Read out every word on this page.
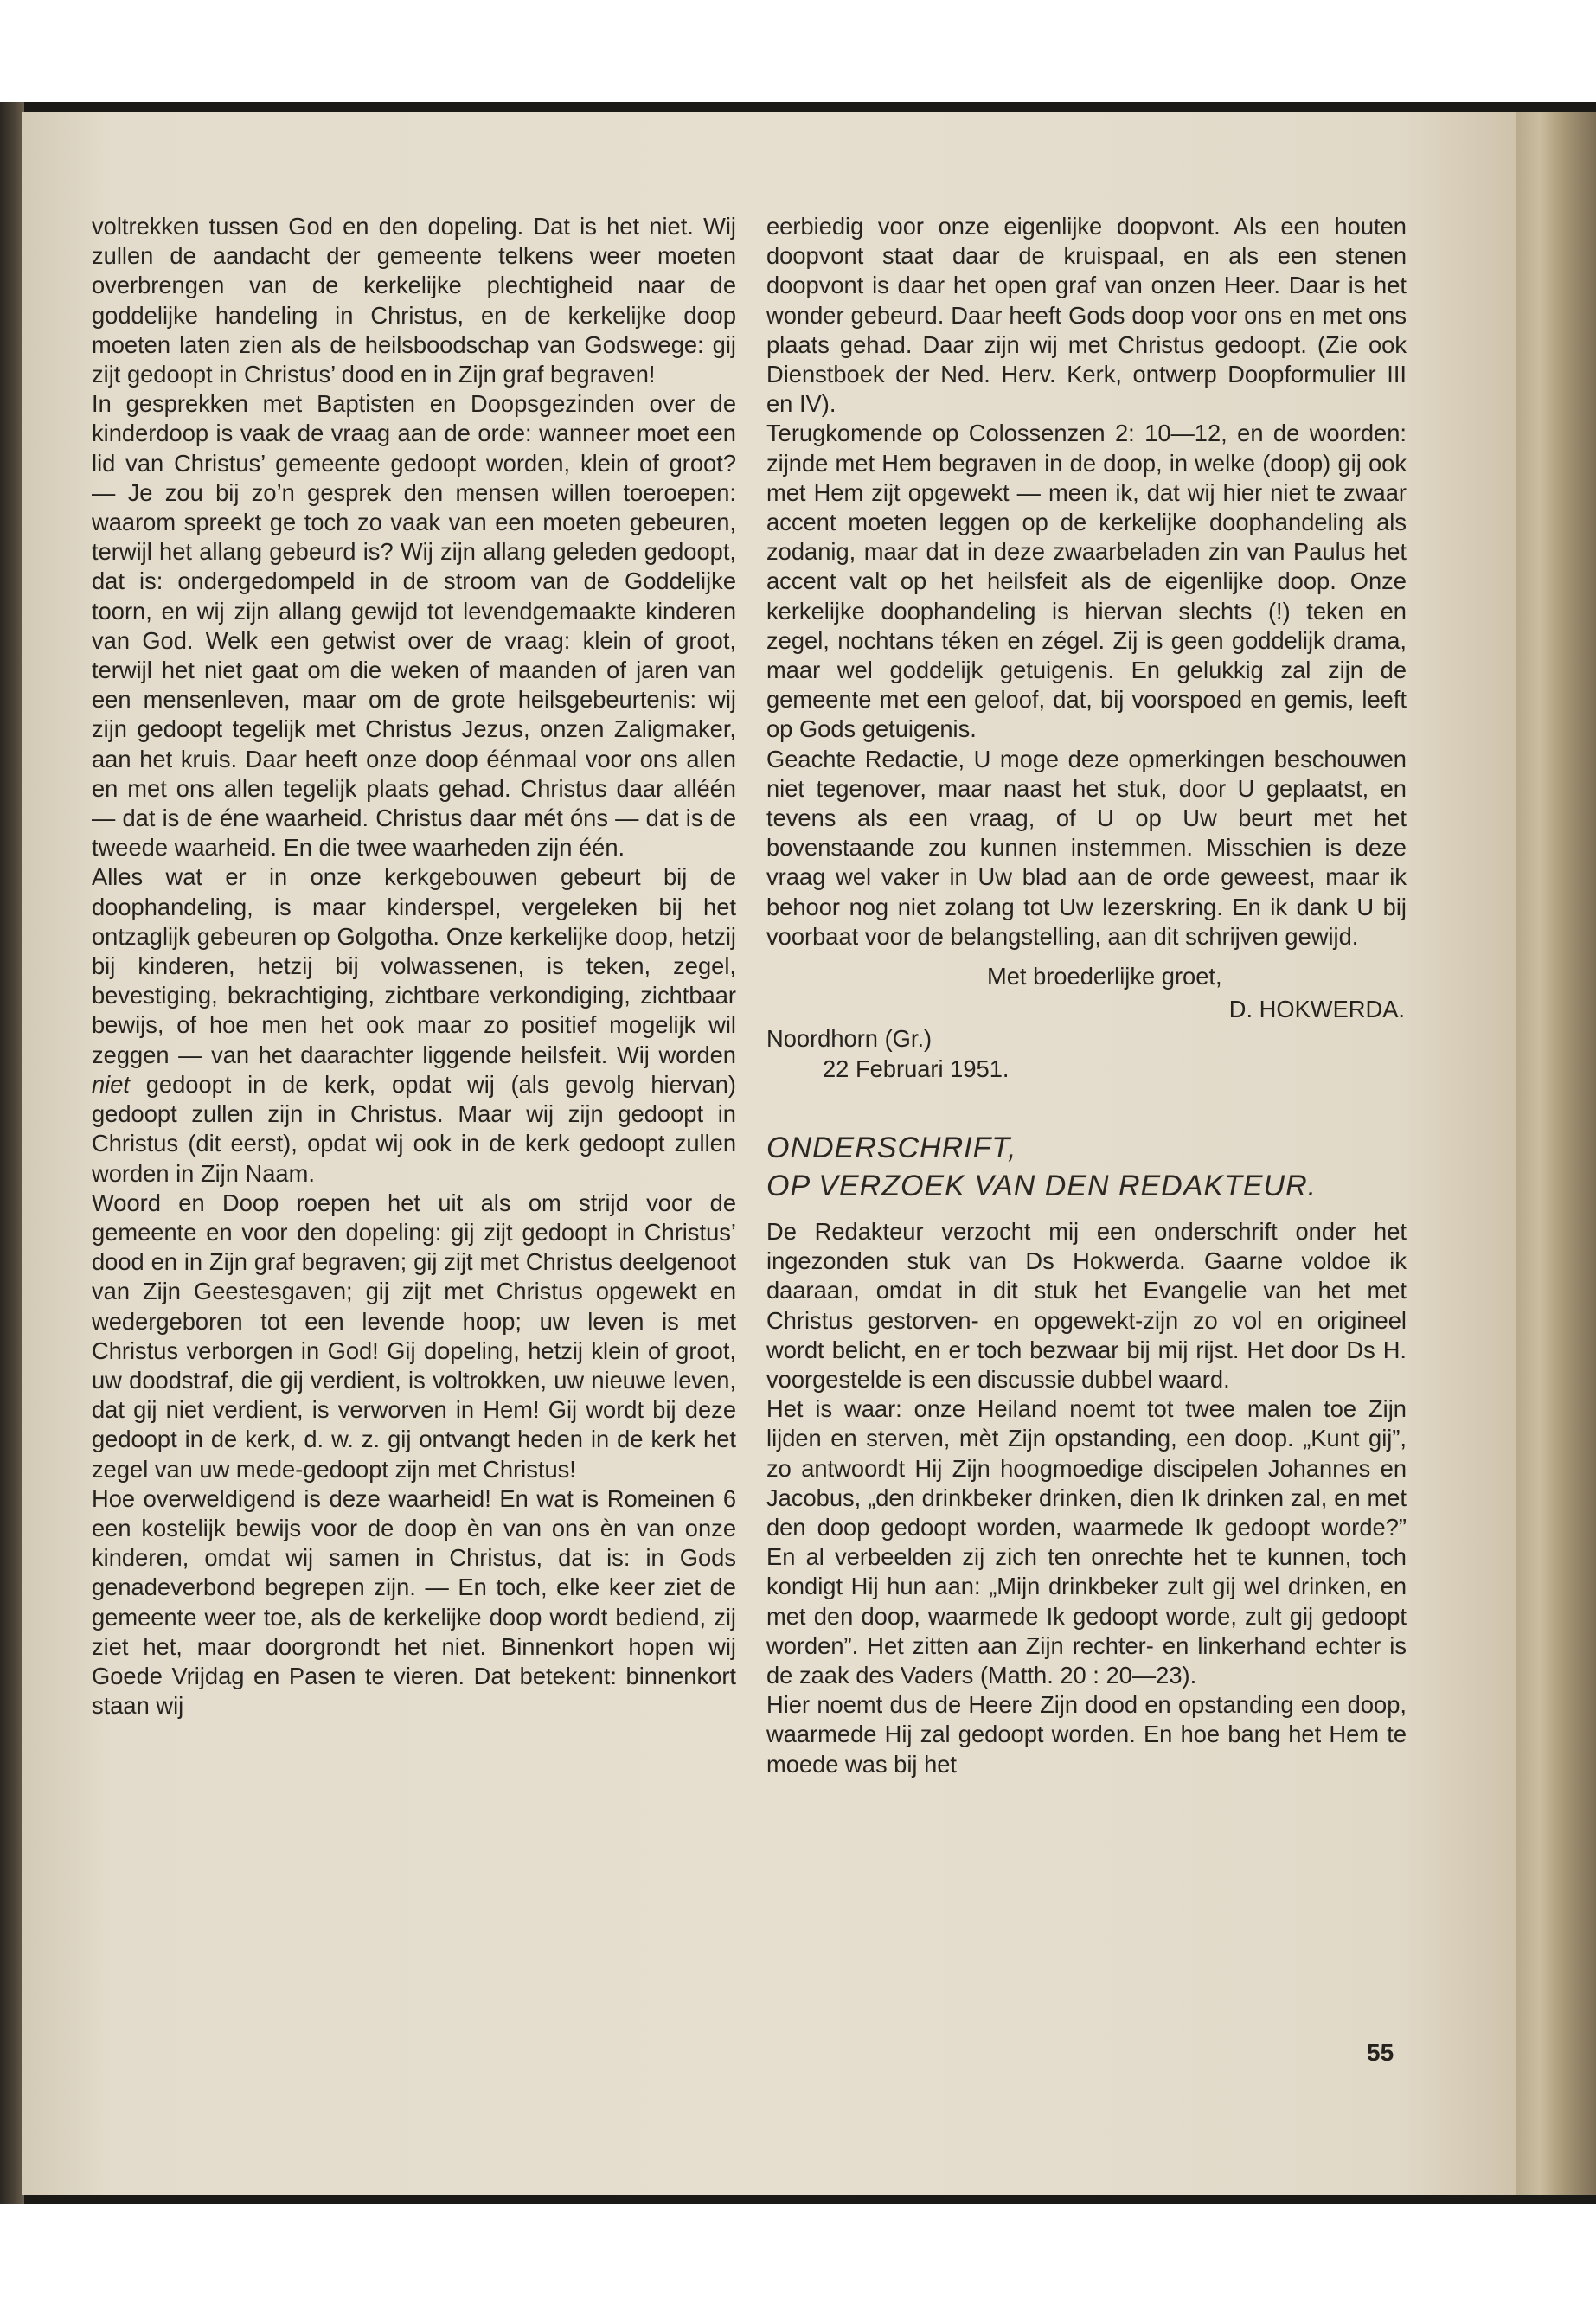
voltrekken tussen God en den dopeling. Dat is het niet. Wij zullen de aandacht der gemeente telkens weer moeten overbrengen van de kerkelijke plechtigheid naar de goddelijke handeling in Christus, en de kerkelijke doop moeten laten zien als de heilsboodschap van Godswege: gij zijt gedoopt in Christus’ dood en in Zijn graf begraven!

In gesprekken met Baptisten en Doopsgezinden over de kinderdoop is vaak de vraag aan de orde: wanneer moet een lid van Christus’ gemeente gedoopt worden, klein of groot? — Je zou bij zo’n gesprek den mensen willen toeroepen: waarom spreekt ge toch zo vaak van een moeten gebeuren, terwijl het allang gebeurd is? Wij zijn allang geleden gedoopt, dat is: ondergedompeld in de stroom van de Goddelijke toorn, en wij zijn allang gewijd tot levendgemaakte kinderen van God. Welk een getwist over de vraag: klein of groot, terwijl het niet gaat om die weken of maanden of jaren van een mensenleven, maar om de grote heilsgebeurtenis: wij zijn gedoopt tegelijk met Christus Jezus, onzen Zaligmaker, aan het kruis. Daar heeft onze doop éénmaal voor ons allen en met ons allen tegelijk plaats gehad. Christus daar alléén — dat is de éne waarheid. Christus daar mét óns — dat is de tweede waarheid. En die twee waarheden zijn één.

Alles wat er in onze kerkgebouwen gebeurt bij de doophandeling, is maar kinderspel, vergeleken bij het ontzaglijk gebeuren op Golgotha. Onze kerkelijke doop, hetzij bij kinderen, hetzij bij volwassenen, is teken, zegel, bevestiging, bekrachtiging, zichtbare verkondiging, zichtbaar bewijs, of hoe men het ook maar zo positief mogelijk wil zeggen — van het daarachter liggende heilsfeit. Wij worden niet gedoopt in de kerk, opdat wij (als gevolg hiervan) gedoopt zullen zijn in Christus. Maar wij zijn gedoopt in Christus (dit eerst), opdat wij ook in de kerk gedoopt zullen worden in Zijn Naam.

Woord en Doop roepen het uit als om strijd voor de gemeente en voor den dopeling: gij zijt gedoopt in Christus’ dood en in Zijn graf begraven; gij zijt met Christus deelgenoot van Zijn Geestesgaven; gij zijt met Christus opgewekt en wedergeboren tot een levende hoop; uw leven is met Christus verborgen in God! Gij dopeling, hetzij klein of groot, uw doodstraf, die gij verdient, is voltrokken, uw nieuwe leven, dat gij niet verdient, is verworven in Hem! Gij wordt bij deze gedoopt in de kerk, d. w. z. gij ontvangt heden in de kerk het zegel van uw mede-gedoopt zijn met Christus!

Hoe overweldigend is deze waarheid! En wat is Romeinen 6 een kostelijk bewijs voor de doop èn van ons èn van onze kinderen, omdat wij samen in Christus, dat is: in Gods genadeverbond begrepen zijn. — En toch, elke keer ziet de gemeente weer toe, als de kerkelijke doop wordt bediend, zij ziet het, maar doorgrondt het niet. Binnenkort hopen wij Goede Vrijdag en Pasen te vieren. Dat betekent: binnenkort staan wij

eerbiedig voor onze eigenlijke doopvont. Als een houten doopvont staat daar de kruispaal, en als een stenen doopvont is daar het open graf van onzen Heer. Daar is het wonder gebeurd. Daar heeft Gods doop voor ons en met ons plaats gehad. Daar zijn wij met Christus gedoopt. (Zie ook Dienstboek der Ned. Herv. Kerk, ontwerp Doopformulier III en IV).

Terugkomende op Colossenzen 2: 10—12, en de woorden: zijnde met Hem begraven in de doop, in welke (doop) gij ook met Hem zijt opgewekt — meen ik, dat wij hier niet te zwaar accent moeten leggen op de kerkelijke doophandeling als zodanig, maar dat in deze zwaarbeladen zin van Paulus het accent valt op het heilsfeit als de eigenlijke doop. Onze kerkelijke doophandeling is hiervan slechts (!) teken en zegel, nochtans téken en zégel. Zij is geen goddelijk drama, maar wel goddelijk getuigenis. En gelukkig zal zijn de gemeente met een geloof, dat, bij voorspoed en gemis, leeft op Gods getuigenis.

Geachte Redactie, U moge deze opmerkingen beschouwen niet tegenover, maar naast het stuk, door U geplaatst, en tevens als een vraag, of U op Uw beurt met het bovenstaande zou kunnen instemmen. Misschien is deze vraag wel vaker in Uw blad aan de orde geweest, maar ik behoor nog niet zolang tot Uw lezerskring. En ik dank U bij voorbaat voor de belangstelling, aan dit schrijven gewijd.

Met broederlijke groet,

D. HOKWERDA.

Noordhorn (Gr.)

22 Februari 1951.

ONDERSCHRIFT,

OP VERZOEK VAN DEN REDAKTEUR.

De Redakteur verzocht mij een onderschrift onder het ingezonden stuk van Ds Hokwerda. Gaarne voldoe ik daaraan, omdat in dit stuk het Evangelie van het met Christus gestorven- en opgewekt-zijn zo vol en origineel wordt belicht, en er toch bezwaar bij mij rijst. Het door Ds H. voorgestelde is een discussie dubbel waard.

Het is waar: onze Heiland noemt tot twee malen toe Zijn lijden en sterven, mèt Zijn opstanding, een doop. „Kunt gij”, zo antwoordt Hij Zijn hoogmoedige discipelen Johannes en Jacobus, „den drinkbeker drinken, dien Ik drinken zal, en met den doop gedoopt worden, waarmede Ik gedoopt worde?” En al verbeelden zij zich ten onrechte het te kunnen, toch kondigt Hij hun aan: „Mijn drinkbeker zult gij wel drinken, en met den doop, waarmede Ik gedoopt worde, zult gij gedoopt worden”. Het zitten aan Zijn rechter- en linkerhand echter is de zaak des Vaders (Matth. 20 : 20—23).

Hier noemt dus de Heere Zijn dood en opstanding een doop, waarmede Hij zal gedoopt worden. En hoe bang het Hem te moede was bij het

55
